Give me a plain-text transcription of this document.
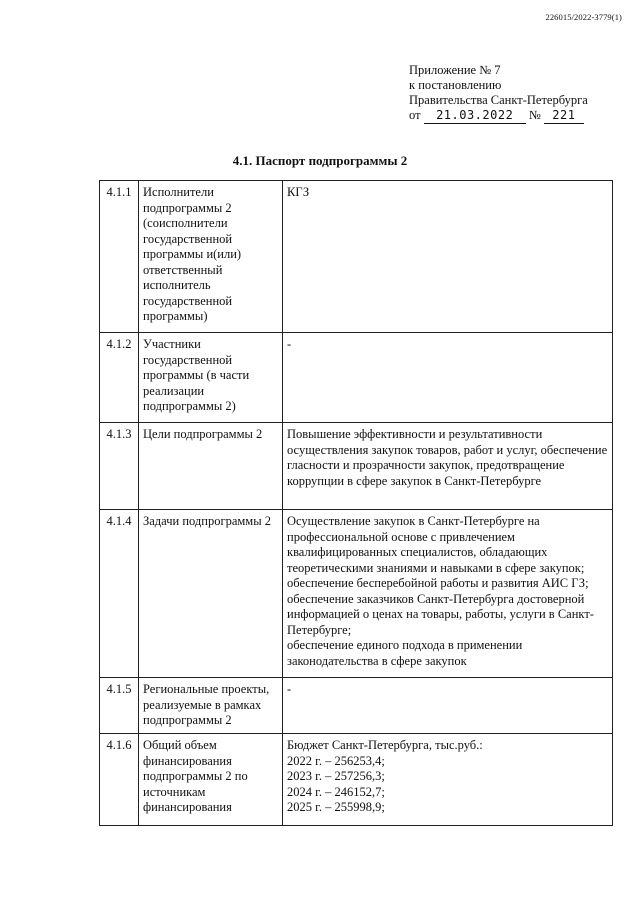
226015/2022-3779(1)
Приложение № 7
к постановлению
Правительства Санкт-Петербурга
от 21.03.2022 № 221
4.1. Паспорт подпрограммы 2
4.1.1	Исполнители подпрограммы 2 (соисполнители государственной программы и(или) ответственный исполнитель государственной программы)	КГЗ

4.1.2	Участники государственной программы (в части реализации подпрограммы 2)	-

4.1.3	Цели подпрограммы 2	Повышение эффективности и результативности осуществления закупок товаров, работ и услуг, обеспечение гласности и прозрачности закупок, предотвращение коррупции в сфере закупок в Санкт-Петербурге

4.1.4	Задачи подпрограммы 2	Осуществление закупок в Санкт-Петербурге на профессиональной основе с привлечением квалифицированных специалистов, обладающих теоретическими знаниями и навыками в сфере закупок;
обеспечение бесперебойной работы и развития АИС ГЗ;
обеспечение заказчиков Санкт-Петербурга достоверной информацией о ценах на товары, работы, услуги в Санкт-Петербурге;
обеспечение единого подхода в применении законодательства в сфере закупок

4.1.5	Региональные проекты, реализуемые в рамках подпрограммы 2	-

4.1.6	Общий объем финансирования подпрограммы 2 по источникам финансирования	Бюджет Санкт-Петербурга, тыс.руб.:
2022 г. – 256253,4;
2023 г. – 257256,3;
2024 г. – 246152,7;
2025 г. – 255998,9;
